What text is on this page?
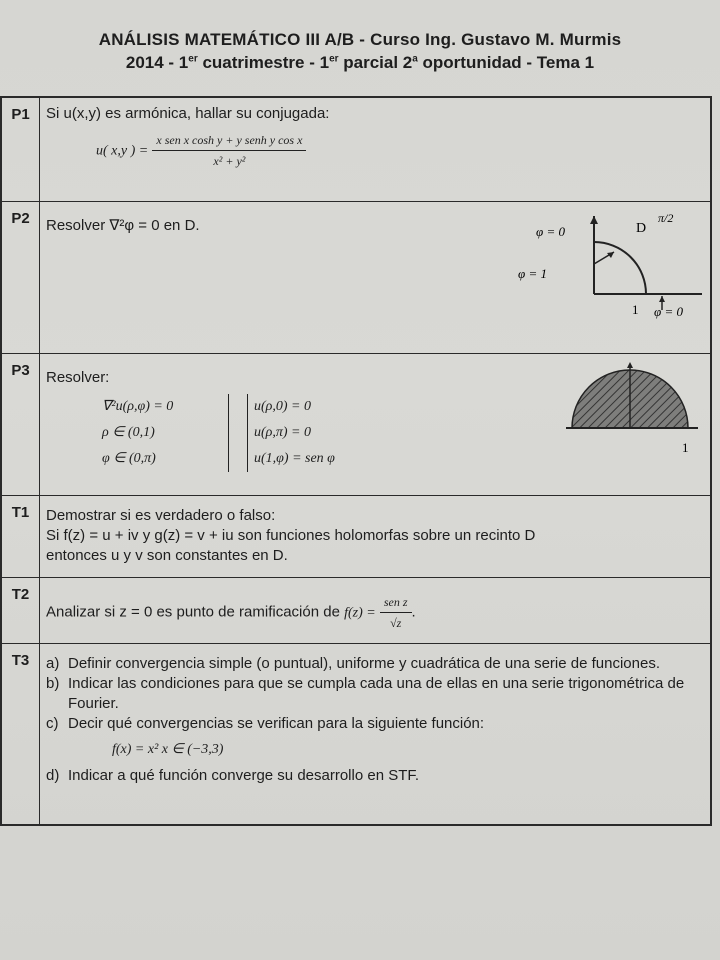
ANÁLISIS MATEMÁTICO III A/B - Curso Ing. Gustavo M. Murmis
2014 - 1er cuatrimestre - 1er parcial 2$^a$ oportunidad - Tema 1
P1	Si u(x,y) es armónica, hallar su conjugada:
u( x,y ) = $\frac{\text{x sen x cosh y + y senh y cos x}}{\text{x² + y²}}$
P2	Resolver ∇²φ = 0 en D.	φ = 0
φ = 1
D
π/2
1 φ = 0
P3	Resolver:
∇²u(ρ,φ) = 0
ρ ∈ (0,1)
φ ∈ (0,π)
u(ρ,0) = 0
u(ρ,π) = 0
u(1,φ) = sen φ
1
T1	Demostrar si es verdadero o falso:
Si f(z) = u + iv y g(z) = v + iu son funciones holomorfas sobre un recinto D
entonces u y v son constantes en D.
T2
Analizar si z = 0 es punto de ramificación de $f(z) = \frac{\text{sen z}}{√z}$ .
T3	a) Definir convergencia simple (o puntual), uniforme y cuadrática de una serie de funciones.
b) Indicar las condiciones para que se cumpla cada una de ellas en una serie trigonométrica de Fourier.
c) Decir qué convergencias se verifican para la siguiente función:
f(x) = x² x ∈ (−3,3)
d) Indicar a qué función converge su desarrollo en STF.
